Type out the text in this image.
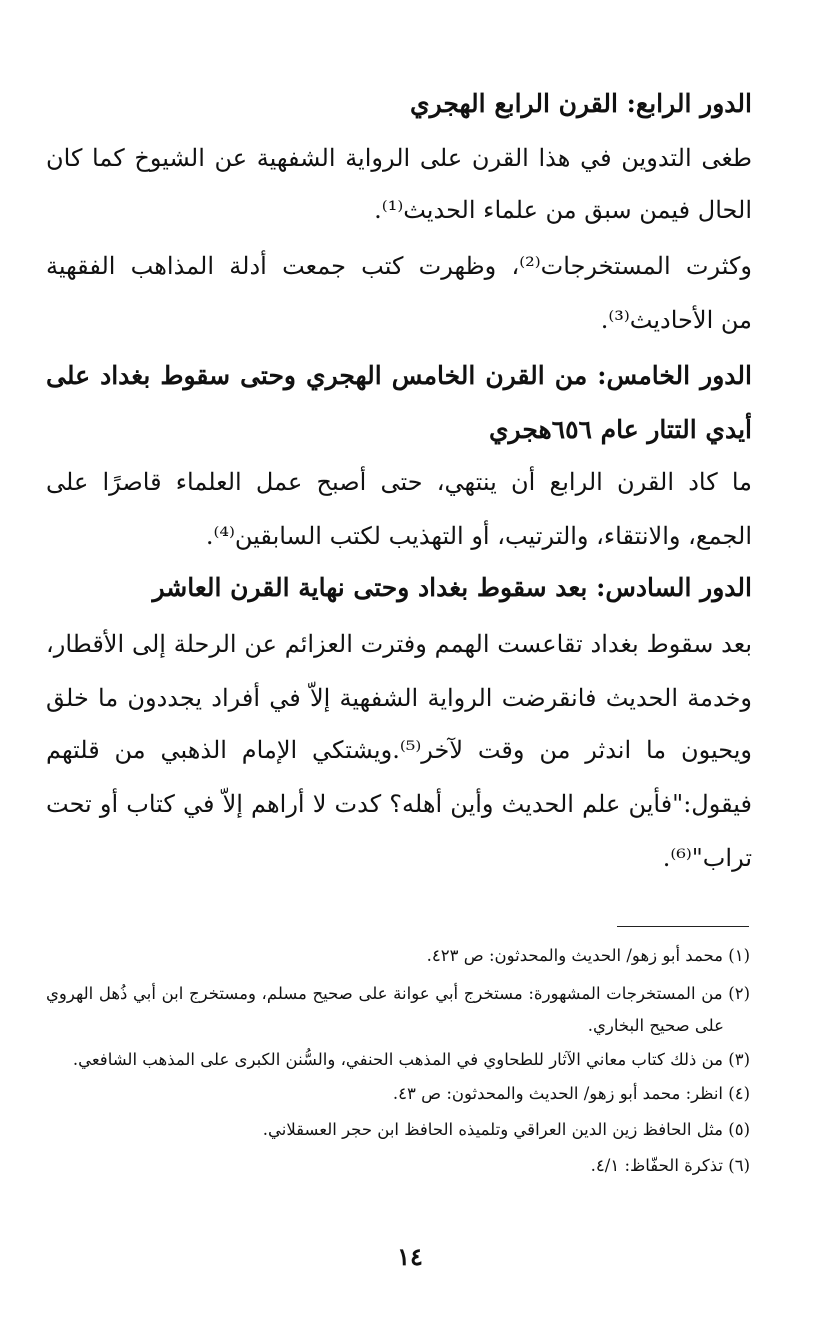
الدور الرابع: القرن الرابع الهجري
طغى التدوين في هذا القرن على الرواية الشفهية عن الشيوخ كما كان
الحال فيمن سبق من علماء الحديث⁽¹⁾.
وكثرت المستخرجات⁽²⁾، وظهرت كتب جمعت أدلة المذاهب الفقهية
من الأحاديث⁽³⁾.
الدور الخامس: من القرن الخامس الهجري وحتى سقوط بغداد على
أيدي التتار عام ٦٥٦هجري
ما كاد القرن الرابع أن ينتهي، حتى أصبح عمل العلماء قاصرًا على
الجمع، والانتقاء، والترتيب، أو التهذيب لكتب السابقين⁽⁴⁾.
الدور السادس: بعد سقوط بغداد وحتى نهاية القرن العاشر
بعد سقوط بغداد تقاعست الهمم وفترت العزائم عن الرحلة إلى الأقطار،
وخدمة الحديث فانقرضت الرواية الشفهية إلاّ في أفراد يجددون ما خلق
ويحيون ما اندثر من وقت لآخر⁽⁵⁾.ويشتكي الإمام الذهبي من قلتهم
فيقول:"فأين علم الحديث وأين أهله؟ كدت لا أراهم إلاّ في كتاب أو تحت
تراب"⁽⁶⁾.
(١) محمد أبو زهو/ الحديث والمحدثون: ص ٤٢٣.
(٢) من المستخرجات المشهورة: مستخرج أبي عوانة على صحيح مسلم، ومستخرج ابن أبي ذُهل الهروي
على صحيح البخاري.
(٣) من ذلك كتاب معاني الآثار للطحاوي في المذهب الحنفي، والسُّنن الكبرى على المذهب الشافعي.
(٤) انظر: محمد أبو زهو/ الحديث والمحدثون: ص ٤٣.
(٥) مثل الحافظ زين الدين العراقي وتلميذه الحافظ ابن حجر العسقلاني.
(٦) تذكرة الحفّاظ: ٤/١.
١٤
